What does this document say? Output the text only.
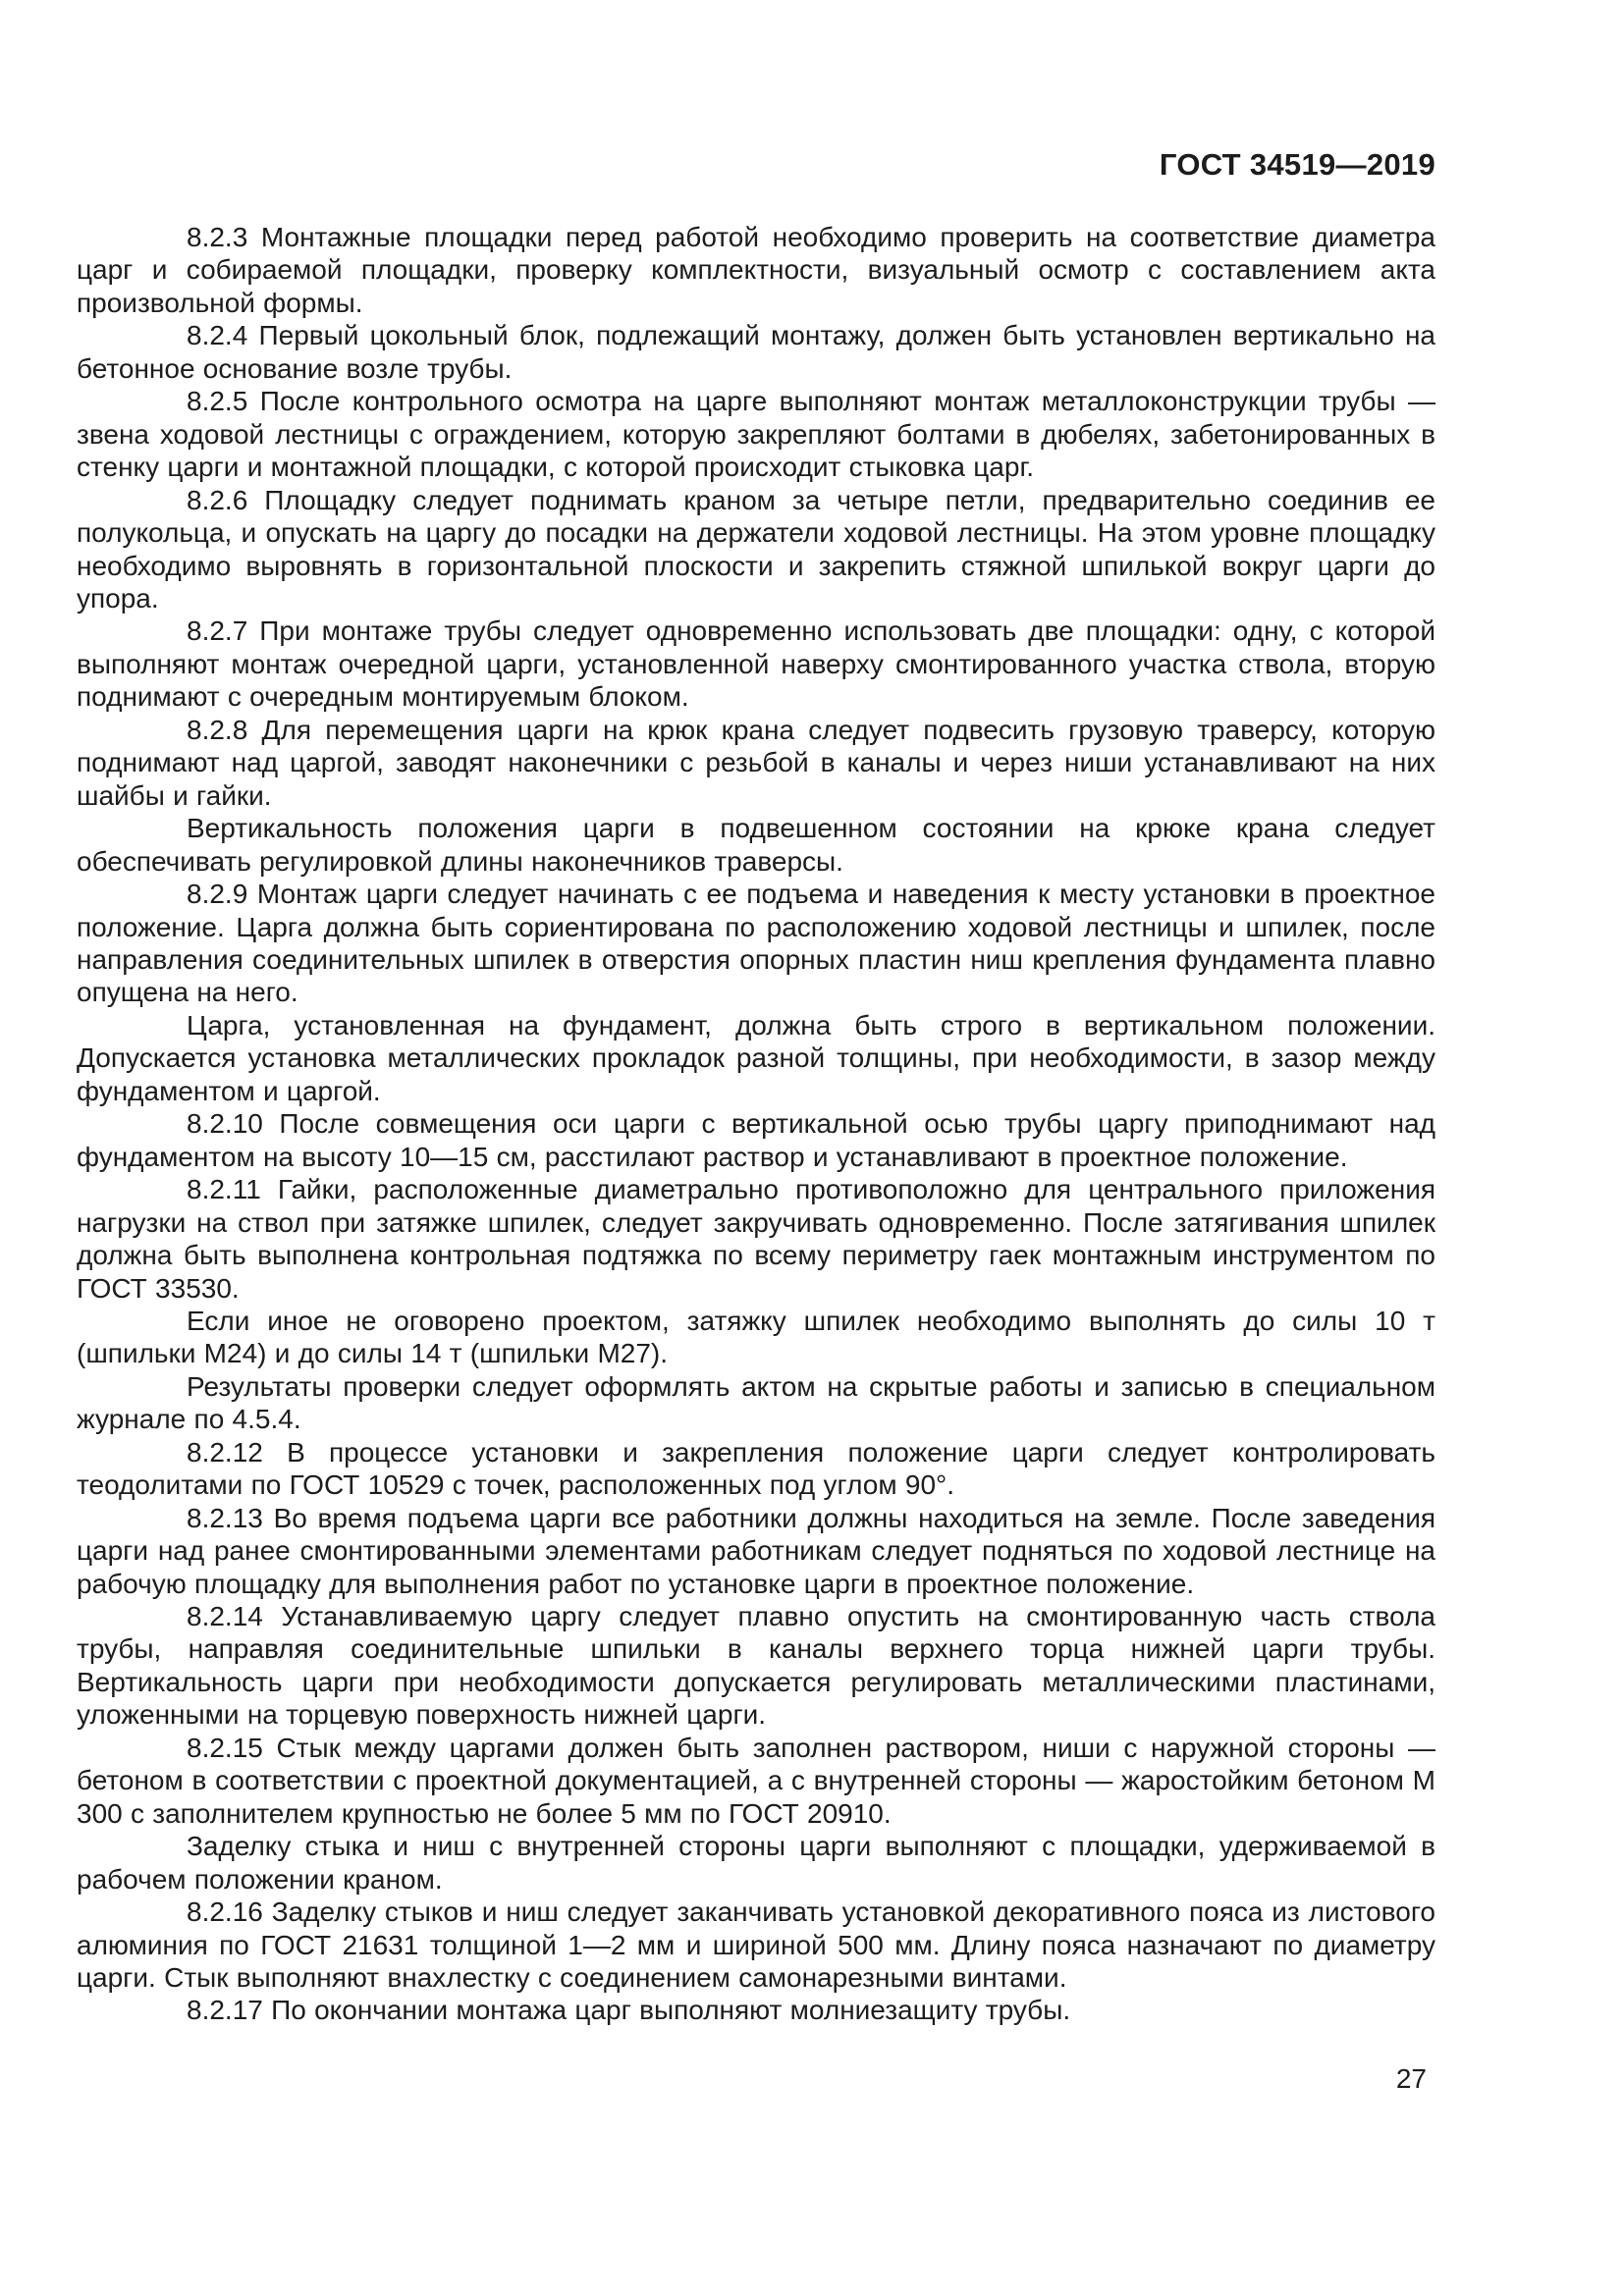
ГОСТ 34519—2019

8.2.3 Монтажные площадки перед работой необходимо проверить на соответствие диаметра царг и собираемой площадки, проверку комплектности, визуальный осмотр с составлением акта произвольной формы.

8.2.4 Первый цокольный блок, подлежащий монтажу, должен быть установлен вертикально на бетонное основание возле трубы.

8.2.5 После контрольного осмотра на царге выполняют монтаж металлоконструкции трубы — звена ходовой лестницы с ограждением, которую закрепляют болтами в дюбелях, забетонированных в стенку царги и монтажной площадки, с которой происходит стыковка царг.

8.2.6 Площадку следует поднимать краном за четыре петли, предварительно соединив ее полукольца, и опускать на царгу до посадки на держатели ходовой лестницы. На этом уровне площадку необходимо выровнять в горизонтальной плоскости и закрепить стяжной шпилькой вокруг царги до упора.

8.2.7 При монтаже трубы следует одновременно использовать две площадки: одну, с которой выполняют монтаж очередной царги, установленной наверху смонтированного участка ствола, вторую поднимают с очередным монтируемым блоком.

8.2.8 Для перемещения царги на крюк крана следует подвесить грузовую траверсу, которую поднимают над царгой, заводят наконечники с резьбой в каналы и через ниши устанавливают на них шайбы и гайки.

Вертикальность положения царги в подвешенном состоянии на крюке крана следует обеспечивать регулировкой длины наконечников траверсы.

8.2.9 Монтаж царги следует начинать с ее подъема и наведения к месту установки в проектное положение. Царга должна быть сориентирована по расположению ходовой лестницы и шпилек, после направления соединительных шпилек в отверстия опорных пластин ниш крепления фундамента плавно опущена на него.

Царга, установленная на фундамент, должна быть строго в вертикальном положении. Допускается установка металлических прокладок разной толщины, при необходимости, в зазор между фундаментом и царгой.

8.2.10 После совмещения оси царги с вертикальной осью трубы царгу приподнимают над фундаментом на высоту 10—15 см, расстилают раствор и устанавливают в проектное положение.

8.2.11 Гайки, расположенные диаметрально противоположно для центрального приложения нагрузки на ствол при затяжке шпилек, следует закручивать одновременно. После затягивания шпилек должна быть выполнена контрольная подтяжка по всему периметру гаек монтажным инструментом по ГОСТ 33530.

Если иное не оговорено проектом, затяжку шпилек необходимо выполнять до силы 10 т (шпильки М24) и до силы 14 т (шпильки М27).

Результаты проверки следует оформлять актом на скрытые работы и записью в специальном журнале по 4.5.4.

8.2.12 В процессе установки и закрепления положение царги следует контролировать теодолитами по ГОСТ 10529 с точек, расположенных под углом 90°.

8.2.13 Во время подъема царги все работники должны находиться на земле. После заведения царги над ранее смонтированными элементами работникам следует подняться по ходовой лестнице на рабочую площадку для выполнения работ по установке царги в проектное положение.

8.2.14 Устанавливаемую царгу следует плавно опустить на смонтированную часть ствола трубы, направляя соединительные шпильки в каналы верхнего торца нижней царги трубы. Вертикальность царги при необходимости допускается регулировать металлическими пластинами, уложенными на торцевую поверхность нижней царги.

8.2.15 Стык между царгами должен быть заполнен раствором, ниши с наружной стороны — бетоном в соответствии с проектной документацией, а с внутренней стороны — жаростойким бетоном М 300 с заполнителем крупностью не более 5 мм по ГОСТ 20910.

Заделку стыка и ниш с внутренней стороны царги выполняют с площадки, удерживаемой в рабочем положении краном.

8.2.16 Заделку стыков и ниш следует заканчивать установкой декоративного пояса из листового алюминия по ГОСТ 21631 толщиной 1—2 мм и шириной 500 мм. Длину пояса назначают по диаметру царги. Стык выполняют внахлестку с соединением самонарезными винтами.

8.2.17 По окончании монтажа царг выполняют молниезащиту трубы.

27
